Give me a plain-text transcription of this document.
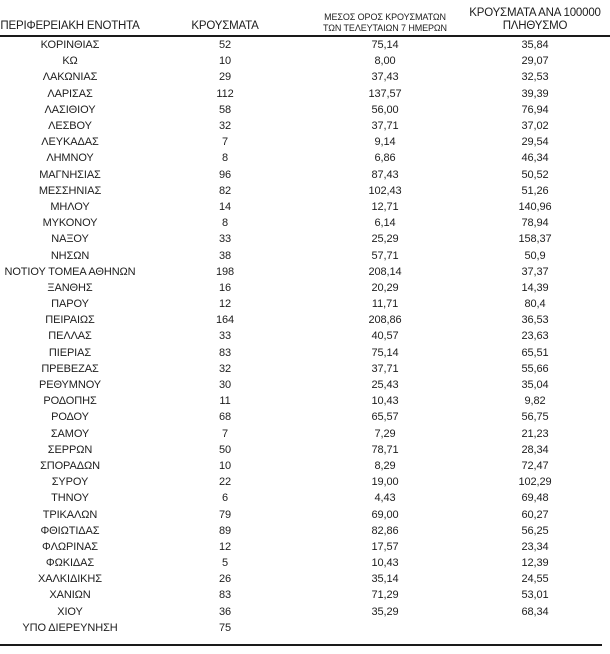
ΠΕΡΙΦΕΡΕΙΑΚΗ ΕΝΟΤΗΤΑ	ΚΡΟΥΣΜΑΤΑ
ΜΕΣΟΣ ΟΡΟΣ ΚΡΟΥΣΜΑΤΩΝ
ΤΩΝ ΤΕΛΕΥΤΑΙΩΝ 7 ΗΜΕΡΩΝ
ΚΡΟΥΣΜΑΤΑ ΑΝΑ 100000
ΠΛΗΘΥΣΜΟ
ΚΟΡΙΝΘΙΑΣ	52	75,14	35,84
ΚΩ	10	8,00	29,07
ΛΑΚΩΝΙΑΣ	29	37,43	32,53
ΛΑΡΙΣΑΣ	112	137,57	39,39
ΛΑΣΙΘΙΟΥ	58	56,00	76,94
ΛΕΣΒΟΥ	32	37,71	37,02
ΛΕΥΚΑΔΑΣ	7	9,14	29,54
ΛΗΜΝΟΥ	8	6,86	46,34
ΜΑΓΝΗΣΙΑΣ	96	87,43	50,52
ΜΕΣΣΗΝΙΑΣ	82	102,43	51,26
ΜΗΛΟΥ	14	12,71	140,96
ΜΥΚΟΝΟΥ	8	6,14	78,94
ΝΑΞΟΥ	33	25,29	158,37
ΝΗΣΩΝ	38	57,71	50,9
ΝΟΤΙΟΥ ΤΟΜΕΑ ΑΘΗΝΩΝ	198	208,14	37,37
ΞΑΝΘΗΣ	16	20,29	14,39
ΠΑΡΟΥ	12	11,71	80,4
ΠΕΙΡΑΙΩΣ	164	208,86	36,53
ΠΕΛΛΑΣ	33	40,57	23,63
ΠΙΕΡΙΑΣ	83	75,14	65,51
ΠΡΕΒΕΖΑΣ	32	37,71	55,66
ΡΕΘΥΜΝΟΥ	30	25,43	35,04
ΡΟΔΟΠΗΣ	11	10,43	9,82
ΡΟΔΟΥ	68	65,57	56,75
ΣΑΜΟΥ	7	7,29	21,23
ΣΕΡΡΩΝ	50	78,71	28,34
ΣΠΟΡΑΔΩΝ	10	8,29	72,47
ΣΥΡΟΥ	22	19,00	102,29
ΤΗΝΟΥ	6	4,43	69,48
ΤΡΙΚΑΛΩΝ	79	69,00	60,27
ΦΘΙΩΤΙΔΑΣ	89	82,86	56,25
ΦΛΩΡΙΝΑΣ	12	17,57	23,34
ΦΩΚΙΔΑΣ	5	10,43	12,39
ΧΑΛΚΙΔΙΚΗΣ	26	35,14	24,55
ΧΑΝΙΩΝ	83	71,29	53,01
ΧΙΟΥ	36	35,29	68,34
ΥΠΟ ΔΙΕΡΕΥΝΗΣΗ	75
